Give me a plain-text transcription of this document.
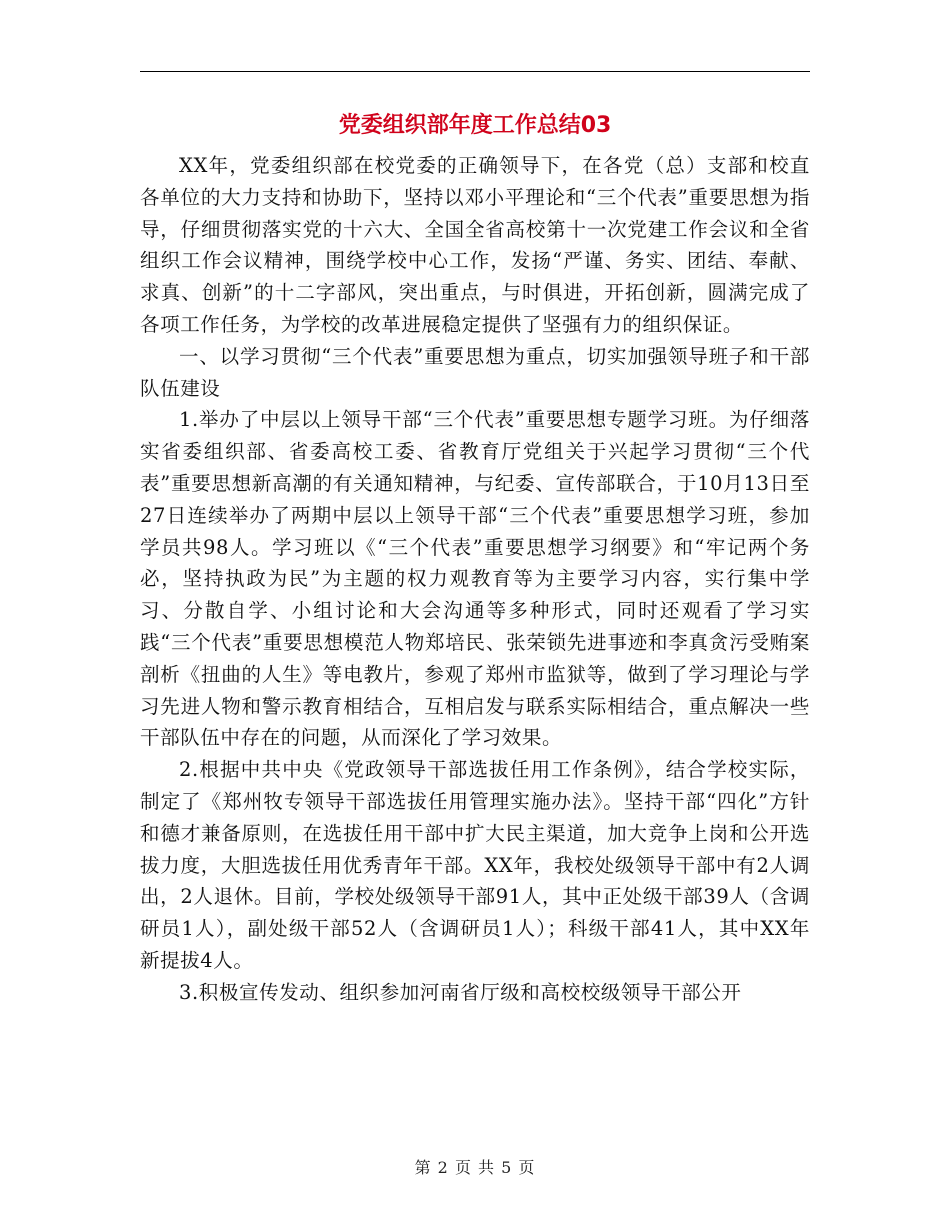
党委组织部年度工作总结03

XX年，党委组织部在校党委的正确领导下，在各党（总）支部和校直各单位的大力支持和协助下，坚持以邓小平理论和“三个代表”重要思想为指导，仔细贯彻落实党的十六大、全国全省高校第十一次党建工作会议和全省组织工作会议精神，围绕学校中心工作，发扬“严谨、务实、团结、奉献、求真、创新”的十二字部风，突出重点，与时俱进，开拓创新，圆满完成了各项工作任务，为学校的改革进展稳定提供了坚强有力的组织保证。

一、以学习贯彻“三个代表”重要思想为重点，切实加强领导班子和干部队伍建设

1.举办了中层以上领导干部“三个代表”重要思想专题学习班。为仔细落实省委组织部、省委高校工委、省教育厅党组关于兴起学习贯彻“三个代表”重要思想新高潮的有关通知精神，与纪委、宣传部联合，于10月13日至27日连续举办了两期中层以上领导干部“三个代表”重要思想学习班，参加学员共98人。学习班以《“三个代表”重要思想学习纲要》和“牢记两个务必，坚持执政为民”为主题的权力观教育等为主要学习内容，实行集中学习、分散自学、小组讨论和大会沟通等多种形式，同时还观看了学习实践“三个代表”重要思想模范人物郑培民、张荣锁先进事迹和李真贪污受贿案剖析《扭曲的人生》等电教片，参观了郑州市监狱等，做到了学习理论与学习先进人物和警示教育相结合，互相启发与联系实际相结合，重点解决一些干部队伍中存在的问题，从而深化了学习效果。

2.根据中共中央《党政领导干部选拔任用工作条例》，结合学校实际，制定了《郑州牧专领导干部选拔任用管理实施办法》。坚持干部“四化”方针和德才兼备原则，在选拔任用干部中扩大民主渠道，加大竞争上岗和公开选拔力度，大胆选拔任用优秀青年干部。XX年，我校处级领导干部中有2人调出，2人退休。目前，学校处级领导干部91人，其中正处级干部39人（含调研员1人），副处级干部52人（含调研员1人）；科级干部41人，其中XX年新提拔4人。

3.积极宣传发动、组织参加河南省厅级和高校校级领导干部公开

第 2 页 共 5 页
